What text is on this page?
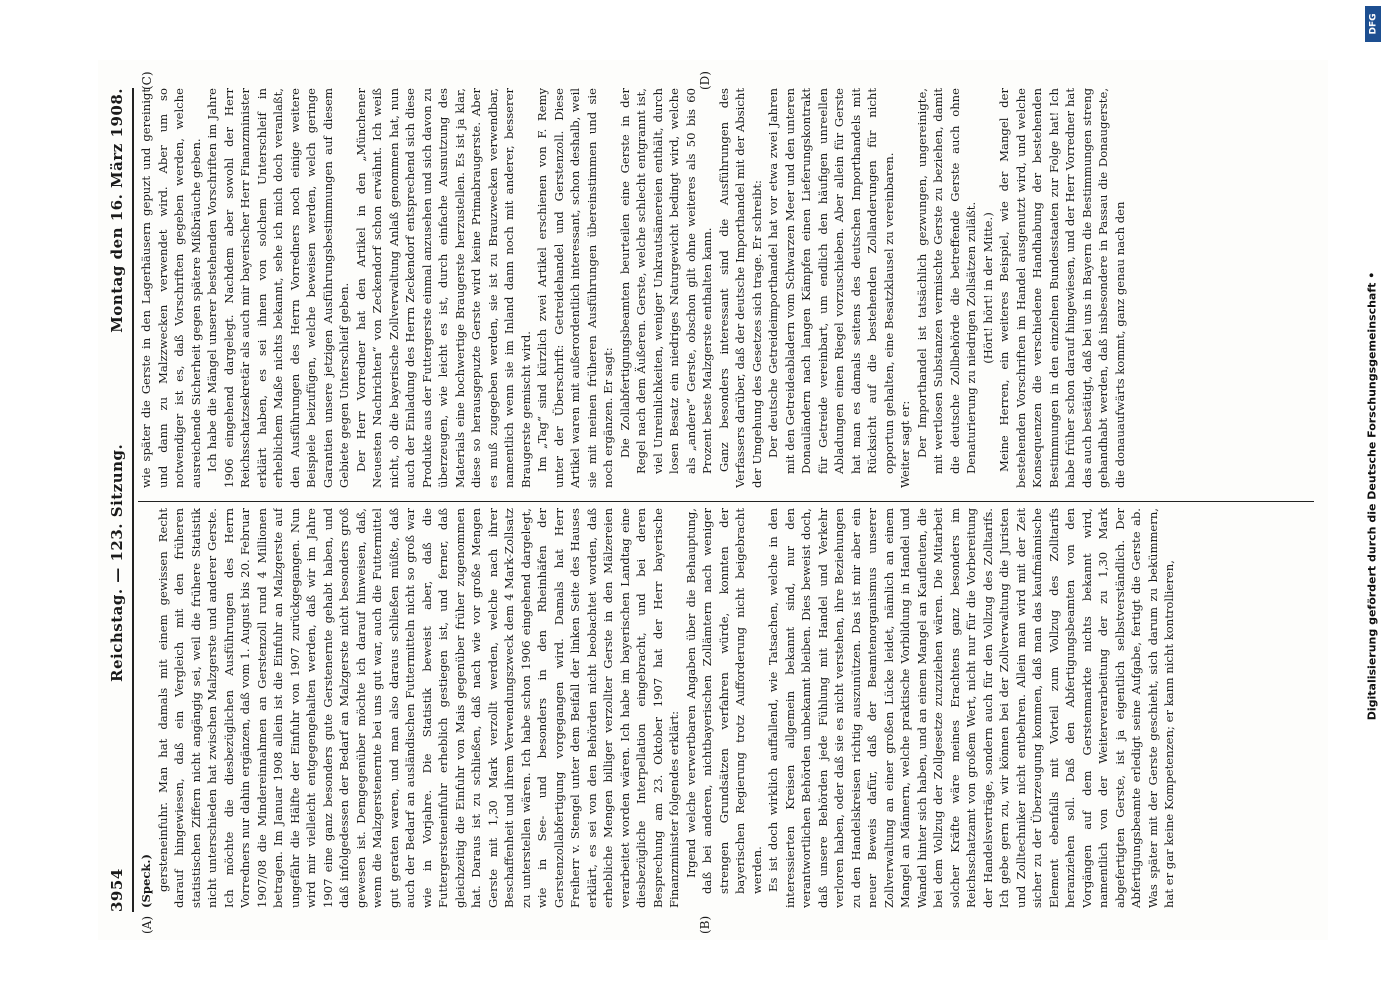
3954
Reichstag. — 123. Sitzung.
Montag den 16. März 1908.
(A)	(B)
(C)	(D)

(Speck.) gersteneinfuhr. Man hat damals mit einem gewissen Recht darauf hingewiesen, daß ein Vergleich mit den früheren statistischen Ziffern nicht angängig sei, weil die frühere Statistik nicht unterschieden hat zwischen Malzgerste und anderer Gerste. Ich möchte die diesbezüglichen Ausführungen des Herrn Vorredners nur dahin ergänzen, daß vom 1. August bis 20. Februar 1907/08 die Mindereinnahmen an Gerstenzoll rund 4 Millionen betragen. Im Januar 1908 allein ist die Einfuhr an Malzgerste auf ungefähr die Hälfte der Einfuhr von 1907 zurückgegangen. Nun wird mir vielleicht entgegengehalten werden, daß wir im Jahre 1907 eine ganz besonders gute Gerstenernte gehabt haben, und daß infolgedessen der Bedarf an Malzgerste nicht besonders groß gewesen ist. Demgegenüber möchte ich darauf hinweisen, daß, wenn die Malzgerstenernte bei uns gut war, auch die Futtermittel gut geraten waren, und man also daraus schließen müßte, daß auch der Bedarf an ausländischen Futtermitteln nicht so groß war wie in Vorjahre. Die Statistik beweist aber, daß die Futtergersteneinfuhr erheblich gestiegen ist, und ferner, daß gleichzeitig die Einfuhr von Mais gegenüber früher zugenommen hat. Daraus ist zu schließen, daß nach wie vor große Mengen Gerste mit 1,30 Mark verzollt werden, welche nach ihrer Beschaffenheit und ihrem Verwendungszweck dem 4 Mark-Zollsatz zu unterstellen wären. Ich habe schon 1906 eingehend dargelegt, wie in See- und besonders in den Rheinhäfen der Gerstenzollabfertigung vorgegangen wird. Damals hat Herr Freiherr v. Stengel unter dem Beifall der linken Seite des Hauses erklärt, es sei von den Behörden nicht beobachtet worden, daß erhebliche Mengen billiger verzollter Gerste in den Mälzereien verarbeitet worden wären. Ich habe im bayerischen Landtag eine diesbezügliche Interpellation eingebracht, und bei deren Besprechung am 23. Oktober 1907 hat der Herr bayerische Finanzminister folgendes erklärt: Irgend welche verwertbaren Angaben über die Behauptung, daß bei anderen, nichtbayerischen Zollämtern nach weniger strengen Grundsätzen verfahren würde, konnten der bayerischen Regierung trotz Aufforderung nicht beigebracht werden. Es ist doch wirklich auffallend, wie Tatsachen, welche in den interessierten Kreisen allgemein bekannt sind, nur den verantwortlichen Behörden unbekannt bleiben. Dies beweist doch, daß unsere Behörden jede Fühlung mit Handel und Verkehr verloren haben, oder daß sie es nicht verstehen, ihre Beziehungen zu den Handelskreisen richtig auszunützen. Das ist mir aber ein neuer Beweis dafür, daß der Beamtenorganismus unserer Zollverwaltung an einer großen Lücke leidet, nämlich an einem Mangel an Männern, welche praktische Vorbildung in Handel und Wandel hinter sich haben, und an einem Mangel an Kaufleuten, die bei dem Vollzug der Zollgesetze zuzuziehen wären. Die Mitarbeit solcher Kräfte wäre meines Erachtens ganz besonders im Reichsschatzamt von großem Wert, nicht nur für die Vorbereitung der Handelsverträge, sondern auch für den Vollzug des Zolltarifs. Ich gebe gern zu, wir können bei der Zollverwaltung die Juristen und Zolltechniker nicht entbehren. Allein man wird mit der Zeit sicher zu der Überzeugung kommen, daß man das kaufmännische Element ebenfalls mit Vorteil zum Vollzug des Zolltarifs heranziehen soll. Daß den Abfertigungsbeamten von den Vorgängen auf dem Gerstenmarkte nichts bekannt wird, namentlich von der Weiterverarbeitung der zu 1,30 Mark abgefertigten Gerste, ist ja eigentlich selbstverständlich. Der Abfertigungsbeamte erledigt seine Aufgabe, fertigt die Gerste ab. Was später mit der Gerste geschieht, sich darum zu bekümmern, hat er gar keine Kompetenzen; er kann nicht kontrollieren,

wie später die Gerste in den Lagerhäusern gepuzt und gereinigt und dann zu Malzzwecken verwendet wird. Aber um so notwendiger ist es, daß Vorschriften gegeben werden, welche ausreichende Sicherheit gegen spätere Mißbräuche geben. Ich habe die Mängel unserer bestehenden Vorschriften im Jahre 1906 eingehend dargelegt. Nachdem aber sowohl der Herr Reichsschatzsekretär als auch mir bayerischer Herr Finanzminister erklärt haben, es sei ihnen von solchem Unterschleif in erheblichem Maße nichts bekannt, sehe ich mich doch veranlaßt, den Ausführungen des Herrn Vorredners noch einige weitere Beispiele beizufügen, welche beweisen werden, welch geringe Garantien unsere jetzigen Ausführungsbestimmungen auf diesem Gebiete gegen Unterschleif geben. Der Herr Vorredner hat den Artikel in den „Münchener Neuesten Nachrichten“ von Zeckendorf schon erwähnt. Ich weiß nicht, ob die bayerische Zollverwaltung Anlaß genommen hat, nun auch der Einladung des Herrn Zeckendorf entsprechend sich diese Produkte aus der Futtergerste einmal anzusehen und sich davon zu überzeugen, wie leicht es ist, durch einfache Ausnutzung des Materials eine hochwertige Braugerste herzustellen. Es ist ja klar, diese so herausgepuzte Gerste wird keine Primabraugerste. Aber es muß zugegeben werden, sie ist zu Brauzwecken verwendbar, namentlich wenn sie im Inland dann noch mit anderer, besserer Braugerste gemischt wird. Im „Tag“ sind kürzlich zwei Artikel erschienen von F. Remy unter der Überschrift: Getreidehandel und Gerstenzoll. Diese Artikel waren mit außerordentlich interessant, schon deshalb, weil sie mit meinen früheren Ausführungen übereinstimmen und sie noch ergänzen. Er sagt: Die Zollabfertigungsbeamten beurteilen eine Gerste in der Regel nach dem Äußeren. Gerste, welche schlecht entgrannt ist, viel Unreinlichkeiten, weniger Unkrautsämereien enthält, durch losen Besatz ein niedriges Naturgewicht bedingt wird, welche als „andere“ Gerste, obschon gilt ohne weiteres als 50 bis 60 Prozent beste Malzgerste enthalten kann. Ganz besonders interessant sind die Ausführungen des Verfassers darüber, daß der deutsche Importhandel mit der Absicht der Umgehung des Gesetzes sich trage. Er schreibt: Der deutsche Getreideimporthandel hat vor etwa zwei Jahren mit den Getreideabladern vom Schwarzen Meer und den unteren Donauländern nach langen Kämpfen einen Lieferungskontrakt für Getreide vereinbart, um endlich den häufigen unreellen Abladungen einen Riegel vorzuschieben. Aber allein für Gerste hat man es damals seitens des deutschen Importhandels mit Rücksicht auf die bestehenden Zollanderungen für nicht opportun gehalten, eine Besatzklausel zu vereinbaren. Weiter sagt er: Der Importhandel ist tatsächlich gezwungen, ungereinigte, mit wertlosen Substanzen vermischte Gerste zu beziehen, damit die deutsche Zollbehörde die betreffende Gerste auch ohne Denaturierung zu niedrigen Zollsätzen zuläßt. (Hört! hört! in der Mitte.) Meine Herren, ein weiteres Beispiel, wie der Mangel der bestehenden Vorschriften im Handel ausgenutzt wird, und welche Konsequenzen die verschiedene Handhabung der bestehenden Bestimmungen in den einzelnen Bundesstaaten zur Folge hat! Ich habe früher schon darauf hingewiesen, und der Herr Vorredner hat das auch bestätigt, daß bei uns in Bayern die Bestimmungen streng gehandhabt werden, daß insbesondere in Passau die Donaugerste, die donauaufwärts kommt, ganz genau nach den	Digitalisierung gefördert durch die Deutsche Forschungsgemeinschaft •
DFG
